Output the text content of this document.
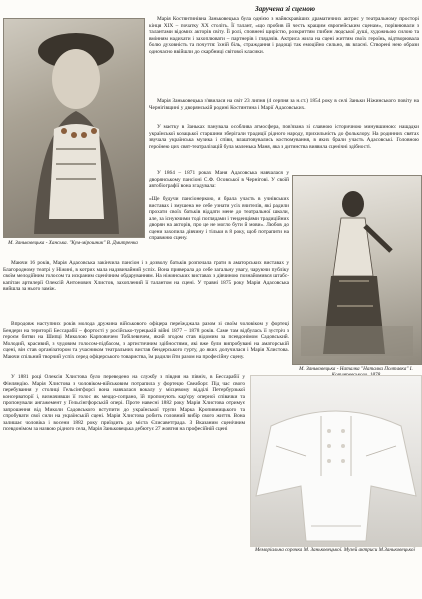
Заручена зі сценою
М. Заньковецька - Ханська. "Кум-мірошник" В. Дмитренка
М. Заньковецька - Наталка "Наталка Полтавка" І.
Меморіальна сорочка М. Заньковецької. Музей актриси М.Заньковецької

Марія Костянтинівна Заньковецька була однією з найяскравіших драматичних актрис у театральному просторі кінця ХІХ – початку ХХ століть. Її талант, «що пробив їй честь кращим європейським сценам», порівнювали з талантами відомих акторів світу. Її ролі, сповнені щирістю, розкриттям глибин людської душі, художньою силою та вмінням надихати і захоплювати – партнерів і глядачів. Актриса жила на сцені життям своїх героїнь, відтворювала болю духовність та почуття: їхній біль, страждання і радощі так емоційно сильно, як власні. Створені нею образи одночасно ввійшли до скарбниці світової класики.

Марія Заньковецька з'явилася на світ 23 липня (4 серпня за н.ст.) 1854 року в селі Заньки Ніжинського повіту на Чернігівщині у дворянській родині Костянтина і Марії Адасовських.

У маєтку в Заньках панувала особлива атмосфера, пов'язана зі славною історичною минувшиною: нащадки української козацької старшини зберігали традиції рідного народу, прихильність до фольклору. На родинних святах звучала українська музика і співи, влаштовувались костюмування, в яких брали участь Адасовські. Головною героїнею цих свят-театралізацій була маленька Маня, яка з дитинства виявила сценічні здібності.

У 1864 – 1871 роках Маня Адасовська навчалася у дворянському пансіоні С.Ф. Осовської в Чернігові. У своїй автобіографії вона згадувала:

«Ще будучи пансіонеркою, я брала участь в учнівських виставах і змушена не себе узнати усіх вчителів, які радили прохати своїх батьків віддати мене до театральної школи, але, за існуючими тоді поглядами і тенденціями традиційних дворян на акторів, про це не могло бути й мови». Любов до сцени захопила дівчину і тільки в 8 року, щоб потрапити на справжню сцену.

Маючи 16 років, Марія Адасовська закінчила пансіон і з дозволу батьків розпочала грати в аматорських виставах у Благородному театрі у Ніжині, в котрих мала надзвичайний успіх. Вона приверала до себе загальну увагу, чаруючи публіку своїм мелодійним голосом та искраним сценічним обдаруванням. На ніжинських виставах з дівчиною познайомився штабс-капітан артилерії Олексій Антонович Хлистов, захоплений її талантом на сцені. У травні 1875 року Марія Адасовська вийшла за нього заміж.

Впродовж наступних років молода дружина військового офіцера переїжджала разом зі своїм чоловіком у фортеці Бендери на території Бессарабії – фортості у російсько-турецькій війні 1877 – 1878 років. Саме там відбулась її зустріч з героєм битви на Шипці Миколою Карповичем Тобілевичем, який згодом став відомим за псевдонімом Садовський. Молодий, красивий, з чудовим голосом-підбасом, з артистичним здібностями, які вже були випробувані на аматорській сцені, він став організатором та учасником театральних вистав бендерського гурту, до яких долучилася і Марія Хлистова. Маючи спільний творчий успіх серед офіцерського товариства, їм радили йти разом на професійну сцену.

У 1881 році Олексія Хлистова було переведено на службу з півдня на північ, в Бессарабії у Фінляндію. Марія Хлистова з чоловіком-військовим потрапила у фортецю Свеаборг. Під час свого перебування у столиці Гельсінгфорсі вона навчалася вокалу у місцевому відділі Петербурзької консерваторії і, визначивши її голос як меццо-сопрано, їй пропонують кар'єру оперної співачки та пропонували ангажемент у Гельсінгфорській опері. Проте навесні 1882 року Марія Хлистова отримує запрошення від Миколи Садовського вступити до української трупи Марка Кропивницького та спробувати свої сили на українській сцені. Марія Хлистова робить головний вибір свого життя. Вона залишає чоловіка і восени 1882 року приїздить до міста Єлисаветграда. З Вказаним сценічним псевдонімом за назвою рідного села, Марія Заньковецька дебютує 27 жовтня на професійній сцені
